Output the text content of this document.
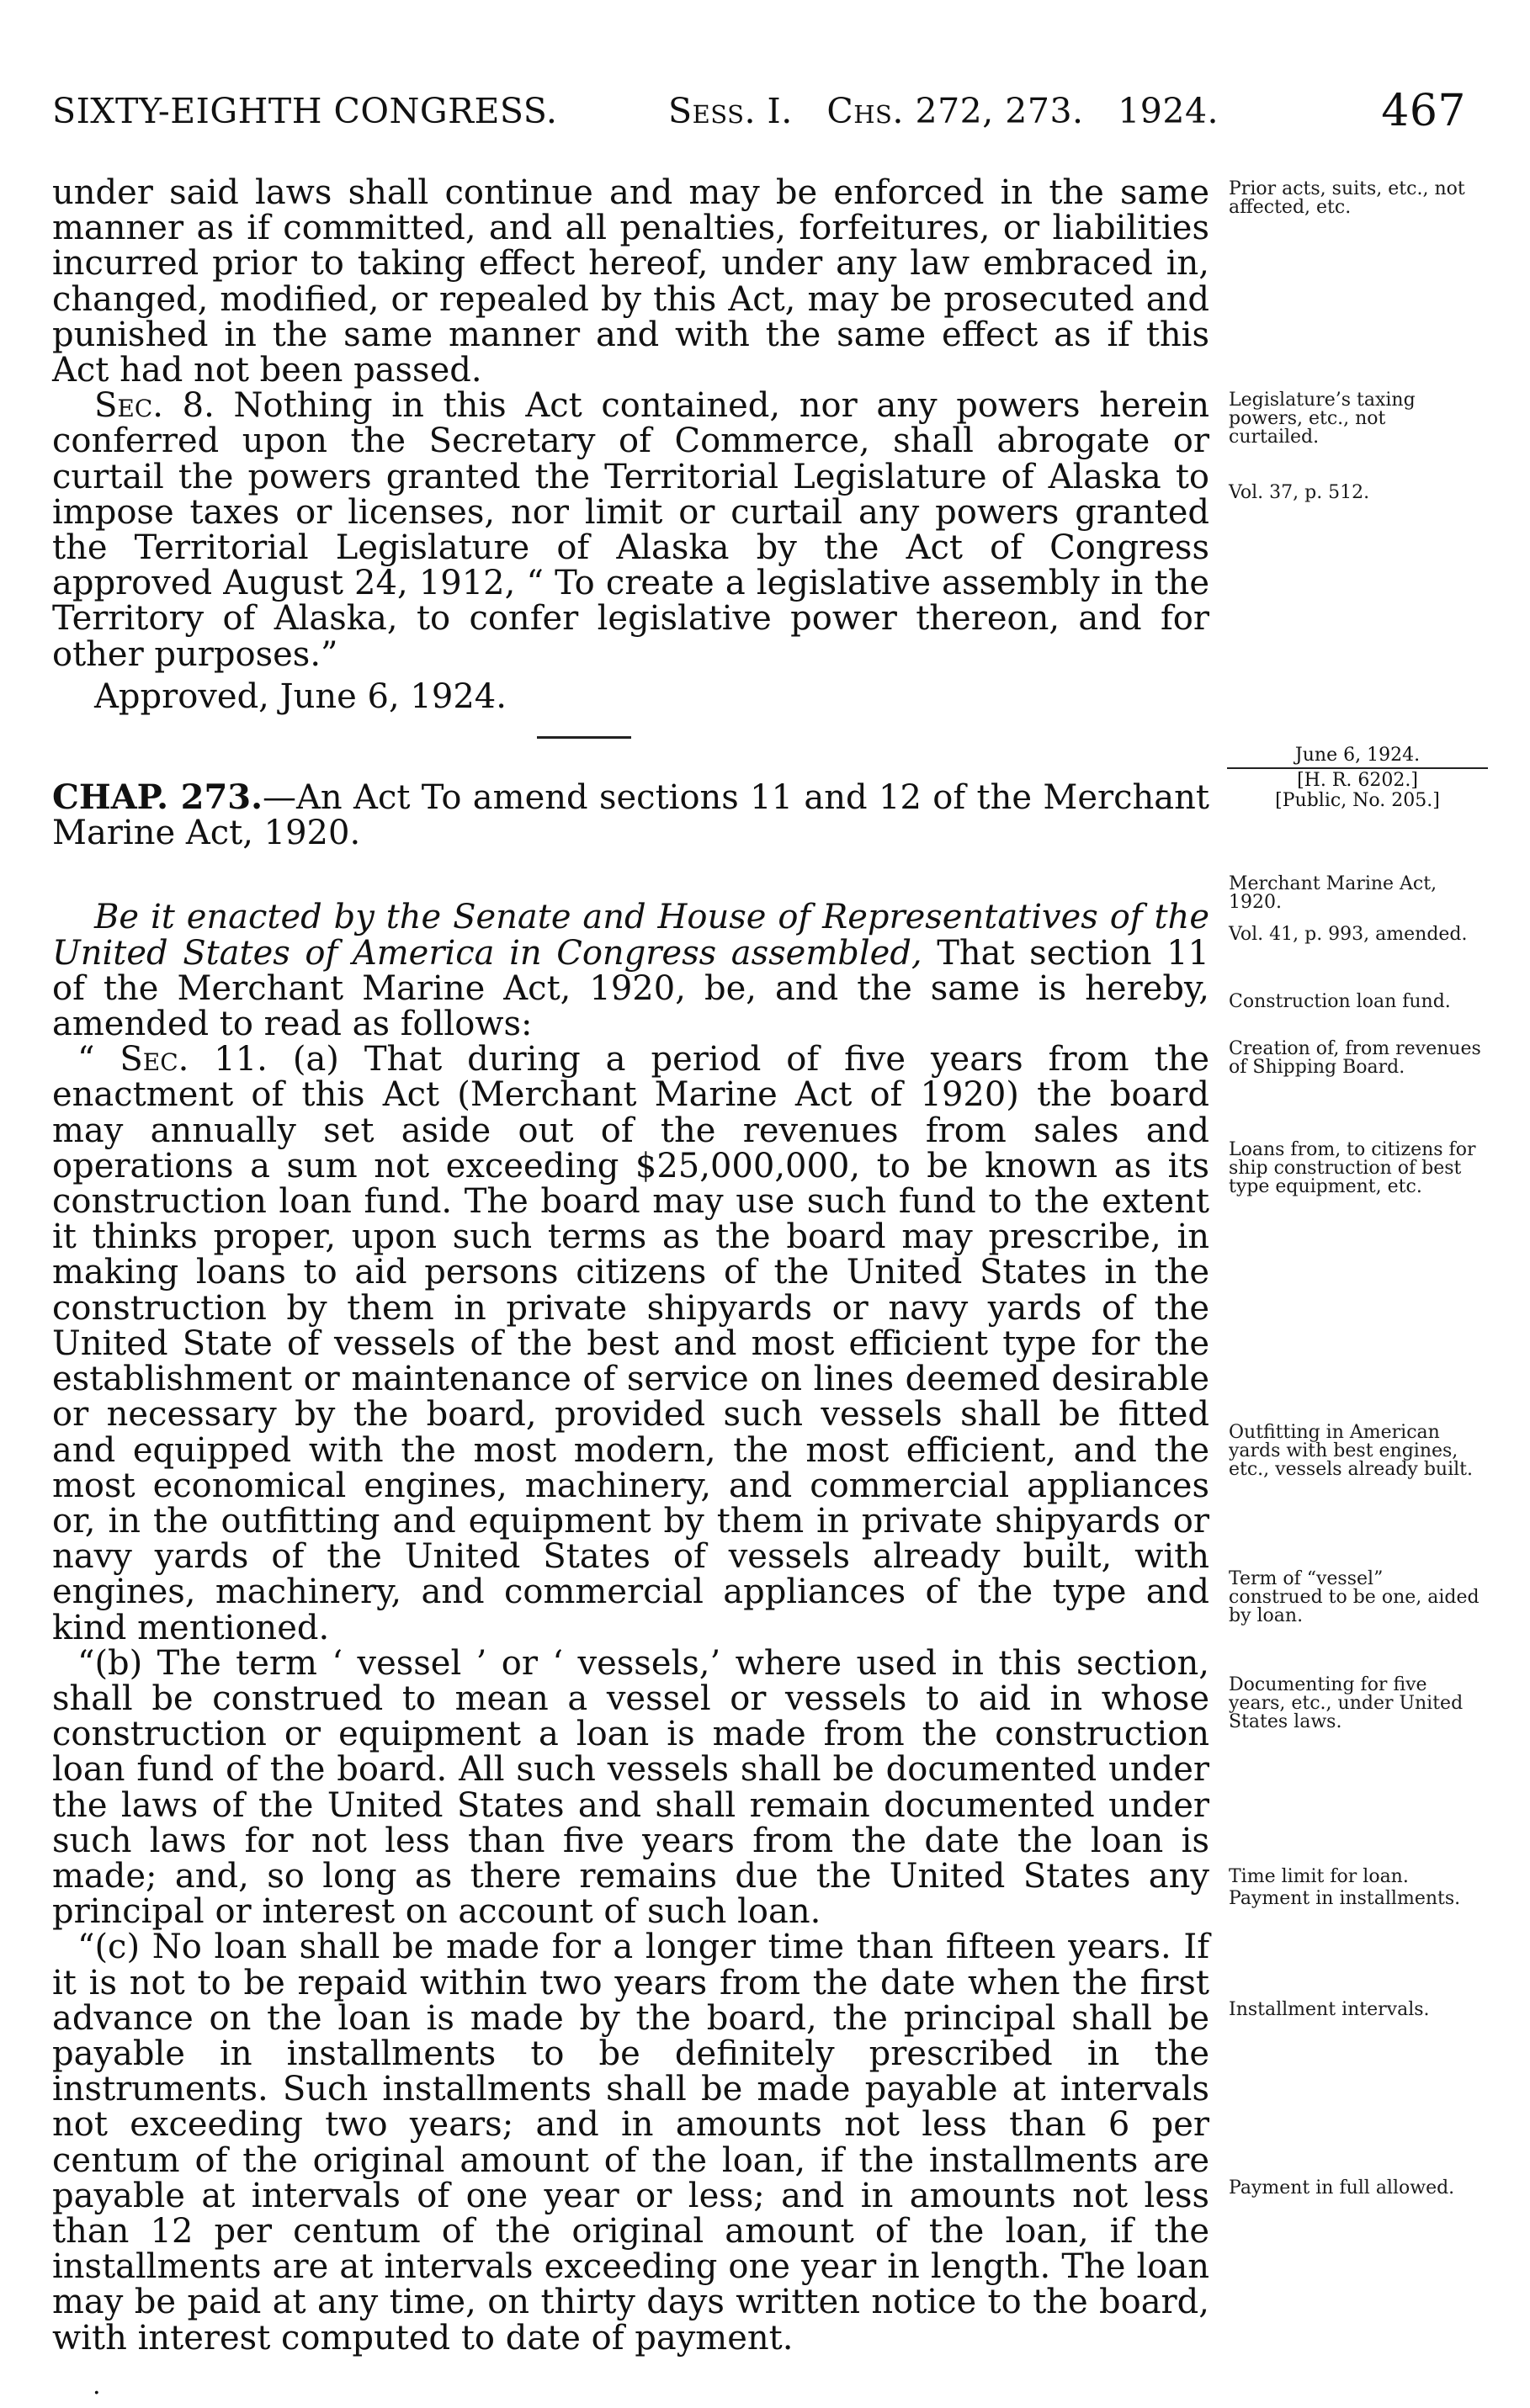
SIXTY-EIGHTH CONGRESS.	Sess. I. Chs. 272, 273. 1924.	467

under said laws shall continue and may be enforced in the same manner as if committed, and all penalties, forfeitures, or liabilities incurred prior to taking effect hereof, under any law embraced in, changed, modified, or repealed by this Act, may be prosecuted and punished in the same manner and with the same effect as if this Act had not been passed.

Sec. 8. Nothing in this Act contained, nor any powers herein conferred upon the Secretary of Commerce, shall abrogate or curtail the powers granted the Territorial Legislature of Alaska to impose taxes or licenses, nor limit or curtail any powers granted the Territorial Legislature of Alaska by the Act of Congress approved August 24, 1912, “ To create a legislative assembly in the Territory of Alaska, to confer legislative power thereon, and for other purposes.”

Approved, June 6, 1924.

CHAP. 273.—An Act To amend sections 11 and 12 of the Merchant Marine Act, 1920.

Be it enacted by the Senate and House of Representatives of the United States of America in Congress assembled, That section 11 of the Merchant Marine Act, 1920, be, and the same is hereby, amended to read as follows:

“ Sec. 11. (a) That during a period of five years from the enactment of this Act (Merchant Marine Act of 1920) the board may annually set aside out of the revenues from sales and operations a sum not exceeding $25,000,000, to be known as its construction loan fund. The board may use such fund to the extent it thinks proper, upon such terms as the board may prescribe, in making loans to aid persons citizens of the United States in the construction by them in private shipyards or navy yards of the United State of vessels of the best and most efficient type for the establishment or maintenance of service on lines deemed desirable or necessary by the board, provided such vessels shall be fitted and equipped with the most modern, the most efficient, and the most economical engines, machinery, and commercial appliances or, in the outfitting and equipment by them in private shipyards or navy yards of the United States of vessels already built, with engines, machinery, and commercial appliances of the type and kind mentioned.

“(b) The term ‘ vessel ’ or ‘ vessels,’ where used in this section, shall be construed to mean a vessel or vessels to aid in whose construction or equipment a loan is made from the construction loan fund of the board. All such vessels shall be documented under the laws of the United States and shall remain documented under such laws for not less than five years from the date the loan is made; and, so long as there remains due the United States any principal or interest on account of such loan.

“(c) No loan shall be made for a longer time than fifteen years. If it is not to be repaid within two years from the date when the first advance on the loan is made by the board, the principal shall be payable in installments to be definitely prescribed in the instruments. Such installments shall be made payable at intervals not exceeding two years; and in amounts not less than 6 per centum of the original amount of the loan, if the installments are payable at intervals of one year or less; and in amounts not less than 12 per centum of the original amount of the loan, if the installments are at intervals exceeding one year in length. The loan may be paid at any time, on thirty days written notice to the board, with interest computed to date of payment.

June 6, 1924.
[H. R. 6202.]
[Public, No. 205.]
Prior acts, suits, etc., not affected, etc.
Legislature’s taxing powers, etc., not curtailed.
Vol. 37, p. 512.
Merchant Marine Act, 1920.
Vol. 41, p. 993, amended.
Construction loan fund.
Creation of, from revenues of Shipping Board.
Loans from, to citizens for ship construction of best type equipment, etc.
Outfitting in American yards with best engines, etc., vessels already built.
Term of “vessel” construed to be one, aided by loan.
Documenting for five years, etc., under United States laws.
Time limit for loan.
Payment in installments.
Installment intervals.
Payment in full allowed.
.
